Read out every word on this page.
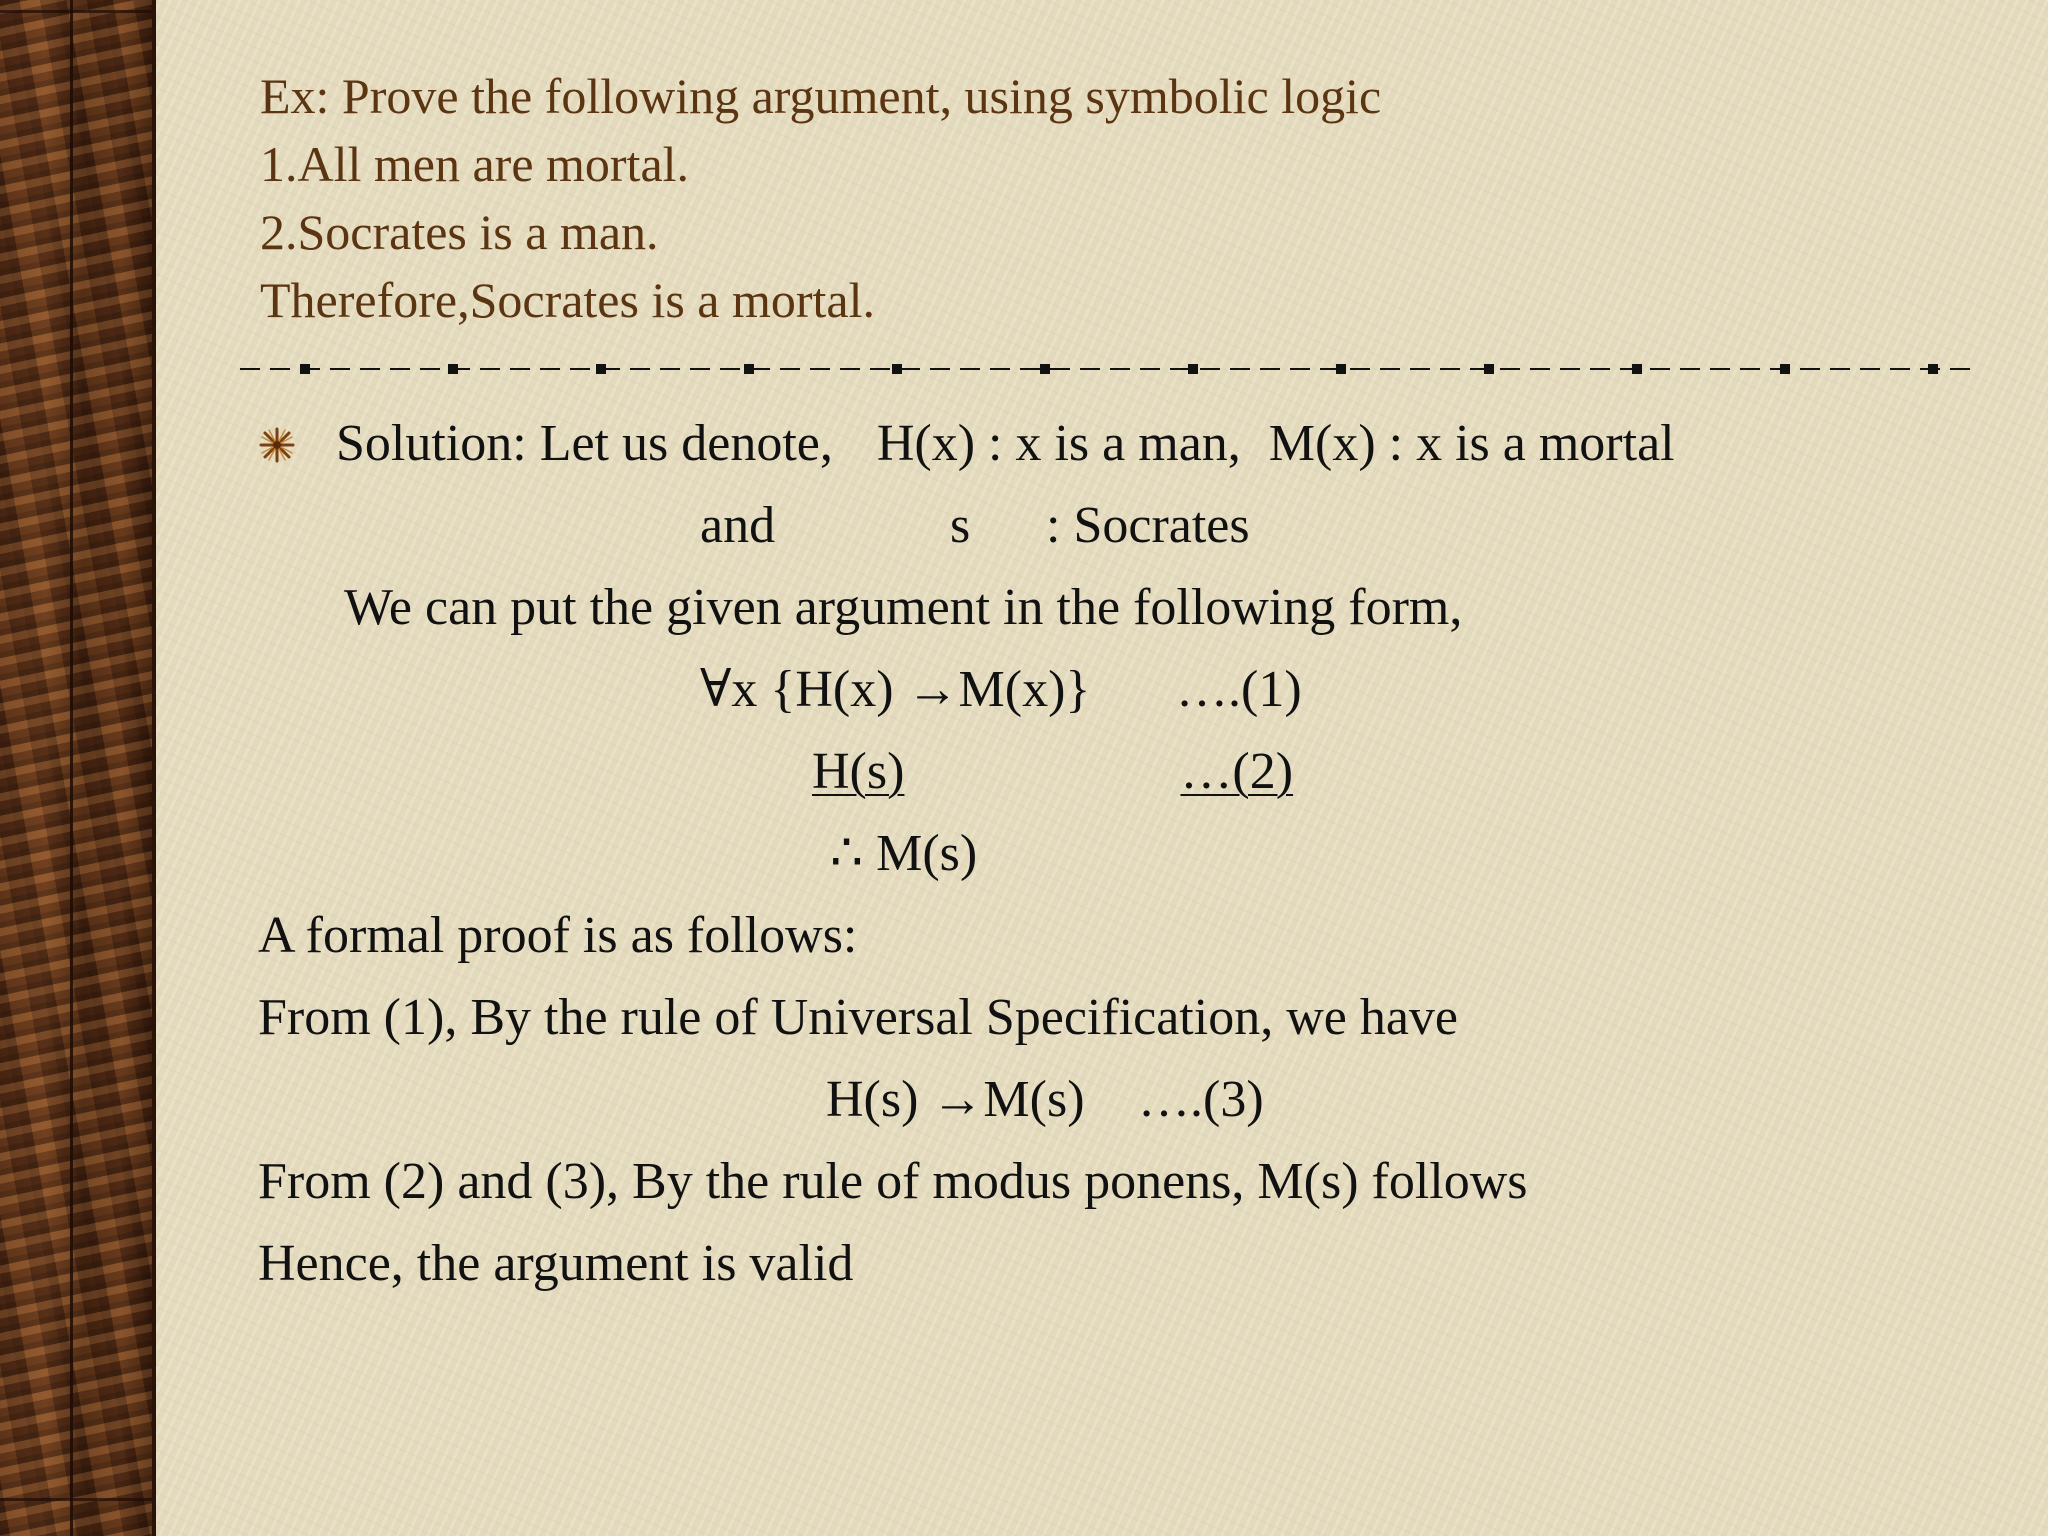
Ex: Prove the following argument, using symbolic logic
1.All men are mortal.
2.Socrates is a man.
Therefore,Socrates is a mortal.
Solution: Let us denote, H(x) : x is a man, M(x) : x is a mortal
and	s : Socrates
We can put the given argument in the following form,
∀x {H(x) →M(x)} ….(1)
H(s)	…(2)
∴ M(s)
A formal proof is as follows:
From (1), By the rule of Universal Specification, we have
H(s) →M(s) ….(3)
From (2) and (3), By the rule of modus ponens, M(s) follows
Hence, the argument is valid
